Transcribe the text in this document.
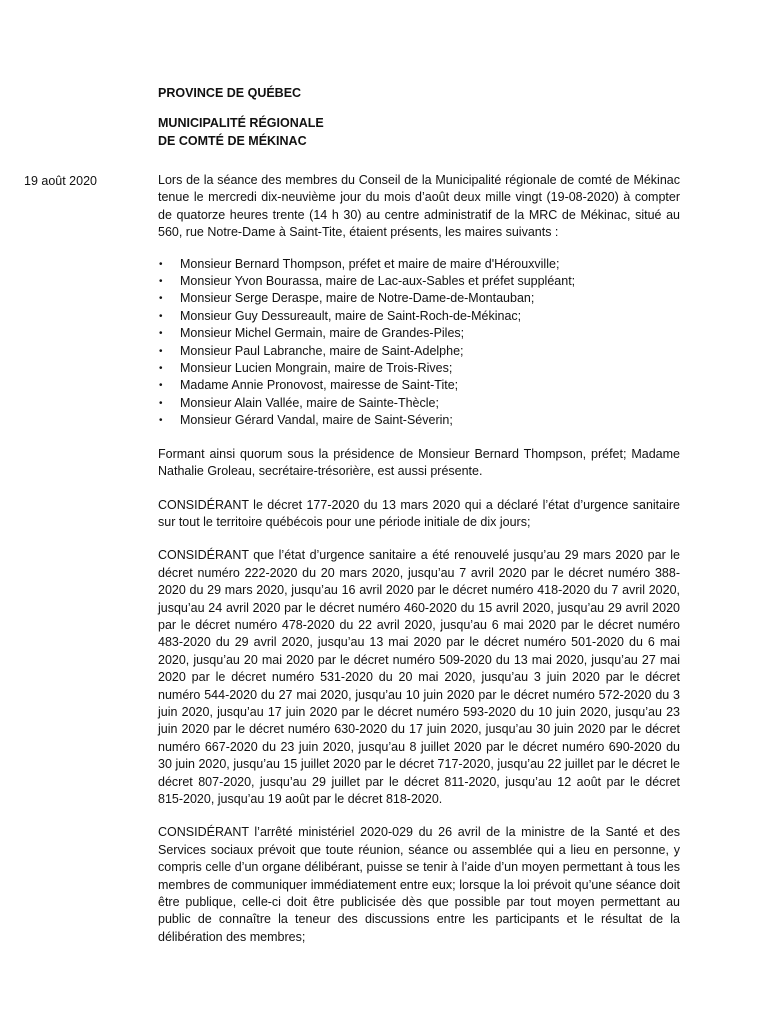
PROVINCE DE QUÉBEC
MUNICIPALITÉ RÉGIONALE
DE COMTÉ DE MÉKINAC
19 août 2020	Lors de la séance des membres du Conseil de la Municipalité régionale de comté de Mékinac tenue le mercredi dix-neuvième jour du mois d’août deux mille vingt (19-08-2020) à compter de quatorze heures trente (14 h 30) au centre administratif de la MRC de Mékinac, situé au 560, rue Notre-Dame à Saint-Tite, étaient présents, les maires suivants :

• Monsieur Bernard Thompson, préfet et maire de maire d'Hérouxville;
• Monsieur Yvon Bourassa, maire de Lac-aux-Sables et préfet suppléant;
• Monsieur Serge Deraspe, maire de Notre-Dame-de-Montauban;
• Monsieur Guy Dessureault, maire de Saint-Roch-de-Mékinac;
• Monsieur Michel Germain, maire de Grandes-Piles;
• Monsieur Paul Labranche, maire de Saint-Adelphe;
• Monsieur Lucien Mongrain, maire de Trois-Rives;
• Madame Annie Pronovost, mairesse de Saint-Tite;
• Monsieur Alain Vallée, maire de Sainte-Thècle;
• Monsieur Gérard Vandal, maire de Saint-Séverin;

Formant ainsi quorum sous la présidence de Monsieur Bernard Thompson, préfet; Madame Nathalie Groleau, secrétaire-trésorière, est aussi présente.

CONSIDÉRANT le décret 177-2020 du 13 mars 2020 qui a déclaré l’état d’urgence sanitaire sur tout le territoire québécois pour une période initiale de dix jours;

CONSIDÉRANT que l’état d’urgence sanitaire a été renouvelé jusqu’au 29 mars 2020 par le décret numéro 222-2020 du 20 mars 2020, jusqu’au 7 avril 2020 par le décret numéro 388-2020 du 29 mars 2020, jusqu’au 16 avril 2020 par le décret numéro 418-2020 du 7 avril 2020, jusqu’au 24 avril 2020 par le décret numéro 460-2020 du 15 avril 2020, jusqu’au 29 avril 2020 par le décret numéro 478-2020 du 22 avril 2020, jusqu’au 6 mai 2020 par le décret numéro 483-2020 du 29 avril 2020, jusqu’au 13 mai 2020 par le décret numéro 501-2020 du 6 mai 2020, jusqu’au 20 mai 2020 par le décret numéro 509-2020 du 13 mai 2020, jusqu’au 27 mai 2020 par le décret numéro 531-2020 du 20 mai 2020, jusqu’au 3 juin 2020 par le décret numéro 544-2020 du 27 mai 2020, jusqu’au 10 juin 2020 par le décret numéro 572-2020 du 3 juin 2020, jusqu’au 17 juin 2020 par le décret numéro 593-2020 du 10 juin 2020, jusqu’au 23 juin 2020 par le décret numéro 630-2020 du 17 juin 2020, jusqu’au 30 juin 2020 par le décret numéro 667-2020 du 23 juin 2020, jusqu’au 8 juillet 2020 par le décret numéro 690-2020 du 30 juin 2020, jusqu’au 15 juillet 2020 par le décret 717-2020, jusqu’au 22 juillet par le décret le décret 807-2020, jusqu’au 29 juillet par le décret 811-2020, jusqu’au 12 août par le décret 815-2020, jusqu’au 19 août par le décret 818-2020.

CONSIDÉRANT l’arrêté ministériel 2020-029 du 26 avril de la ministre de la Santé et des Services sociaux prévoit que toute réunion, séance ou assemblée qui a lieu en personne, y compris celle d’un organe délibérant, puisse se tenir à l’aide d’un moyen permettant à tous les membres de communiquer immédiatement entre eux; lorsque la loi prévoit qu’une séance doit être publique, celle-ci doit être publicisée dès que possible par tout moyen permettant au public de connaître la teneur des discussions entre les participants et le résultat de la délibération des membres;
